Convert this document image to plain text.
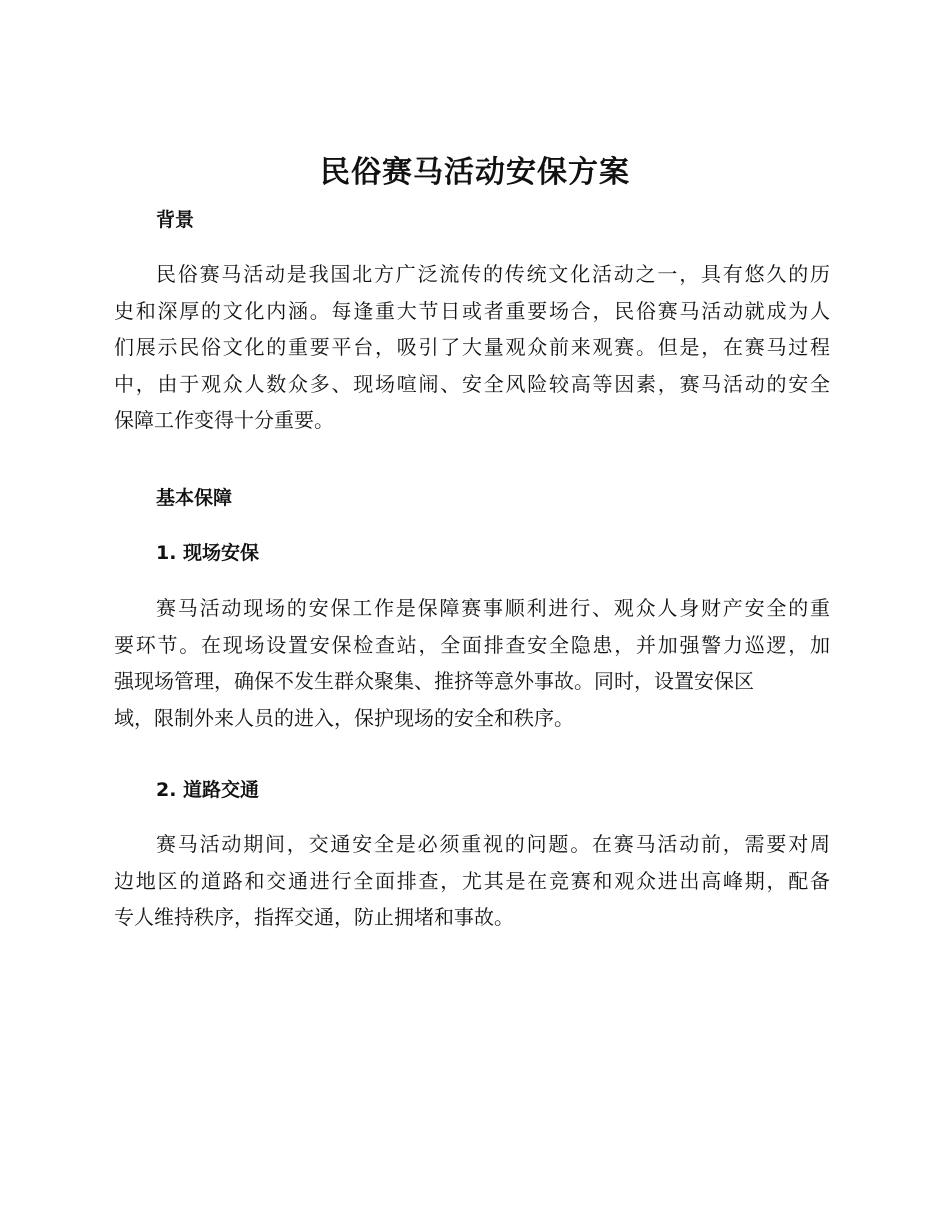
民俗赛马活动安保方案
背景
民俗赛马活动是我国北方广泛流传的传统文化活动之一，具有悠久的历
史和深厚的文化内涵。每逢重大节日或者重要场合，民俗赛马活动就成为人
们展示民俗文化的重要平台，吸引了大量观众前来观赛。但是，在赛马过程
中，由于观众人数众多、现场喧闹、安全风险较高等因素，赛马活动的安全
保障工作变得十分重要。
基本保障
1. 现场安保
赛马活动现场的安保工作是保障赛事顺利进行、观众人身财产安全的重
要环节。在现场设置安保检查站，全面排查安全隐患，并加强警力巡逻，加
强现场管理，确保不发生群众聚集、推挤等意外事故。同时，设置安保区
域，限制外来人员的进入，保护现场的安全和秩序。
2. 道路交通
赛马活动期间，交通安全是必须重视的问题。在赛马活动前，需要对周
边地区的道路和交通进行全面排查，尤其是在竞赛和观众进出高峰期，配备
专人维持秩序，指挥交通，防止拥堵和事故。
